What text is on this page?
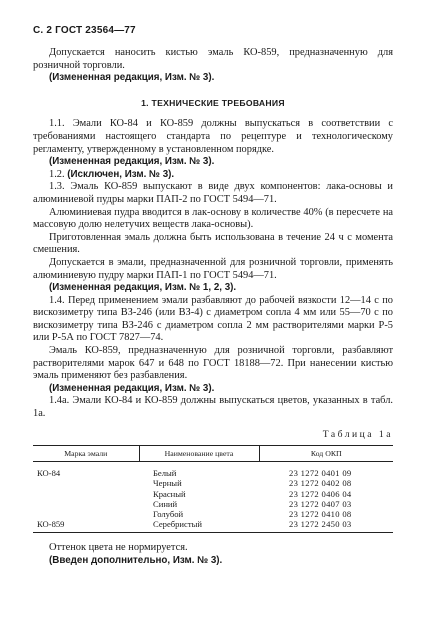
С. 2 ГОСТ 23564—77

Допускается наносить кистью эмаль КО-859, предназначенную для розничной торговли.

(Измененная редакция, Изм. № 3).

1. ТЕХНИЧЕСКИЕ ТРЕБОВАНИЯ

1.1. Эмали КО-84 и КО-859 должны выпускаться в соответствии с требованиями настоящего стандарта по рецептуре и технологическому регламенту, утвержденному в установленном порядке.

(Измененная редакция, Изм. № 3).

1.2. (Исключен, Изм. № 3).

1.3. Эмаль КО-859 выпускают в виде двух компонентов: лака-основы и алюминиевой пудры марки ПАП-2 по ГОСТ 5494—71.

Алюминиевая пудра вводится в лак-основу в количестве 40% (в пересчете на массовую долю нелетучих веществ лака-основы).

Приготовленная эмаль должна быть использована в течение 24 ч с момента смешения.

Допускается в эмали, предназначенной для розничной торговли, применять алюминиевую пудру марки ПАП-1 по ГОСТ 5494—71.

(Измененная редакция, Изм. № 1, 2, 3).

1.4. Перед применением эмали разбавляют до рабочей вязкости 12—14 с по вискозиметру типа ВЗ-246 (или ВЗ-4) с диаметром сопла 4 мм или 55—70 с по вискозиметру типа ВЗ-246 с диаметром сопла 2 мм растворителями марки Р-5 или Р-5А по ГОСТ 7827—74.

Эмаль КО-859, предназначенную для розничной торговли, разбавляют растворителями марок 647 и 648 по ГОСТ 18188—72. При нанесении кистью эмаль применяют без разбавления.

(Измененная редакция, Изм. № 3).

1.4а. Эмали КО-84 и КО-859 должны выпускаться цветов, указанных в табл. 1а.

Таблица 1а

Марка эмали	Наименование цвета	Код ОКП
КО-84	Белый	23 1272 0401 09
	Черный	23 1272 0402 08
	Красный	23 1272 0406 04
	Синий	23 1272 0407 03
	Голубой	23 1272 0410 08
КО-859	Серебристый	23 1272 2450 03

Оттенок цвета не нормируется.

(Введен дополнительно, Изм. № 3).
